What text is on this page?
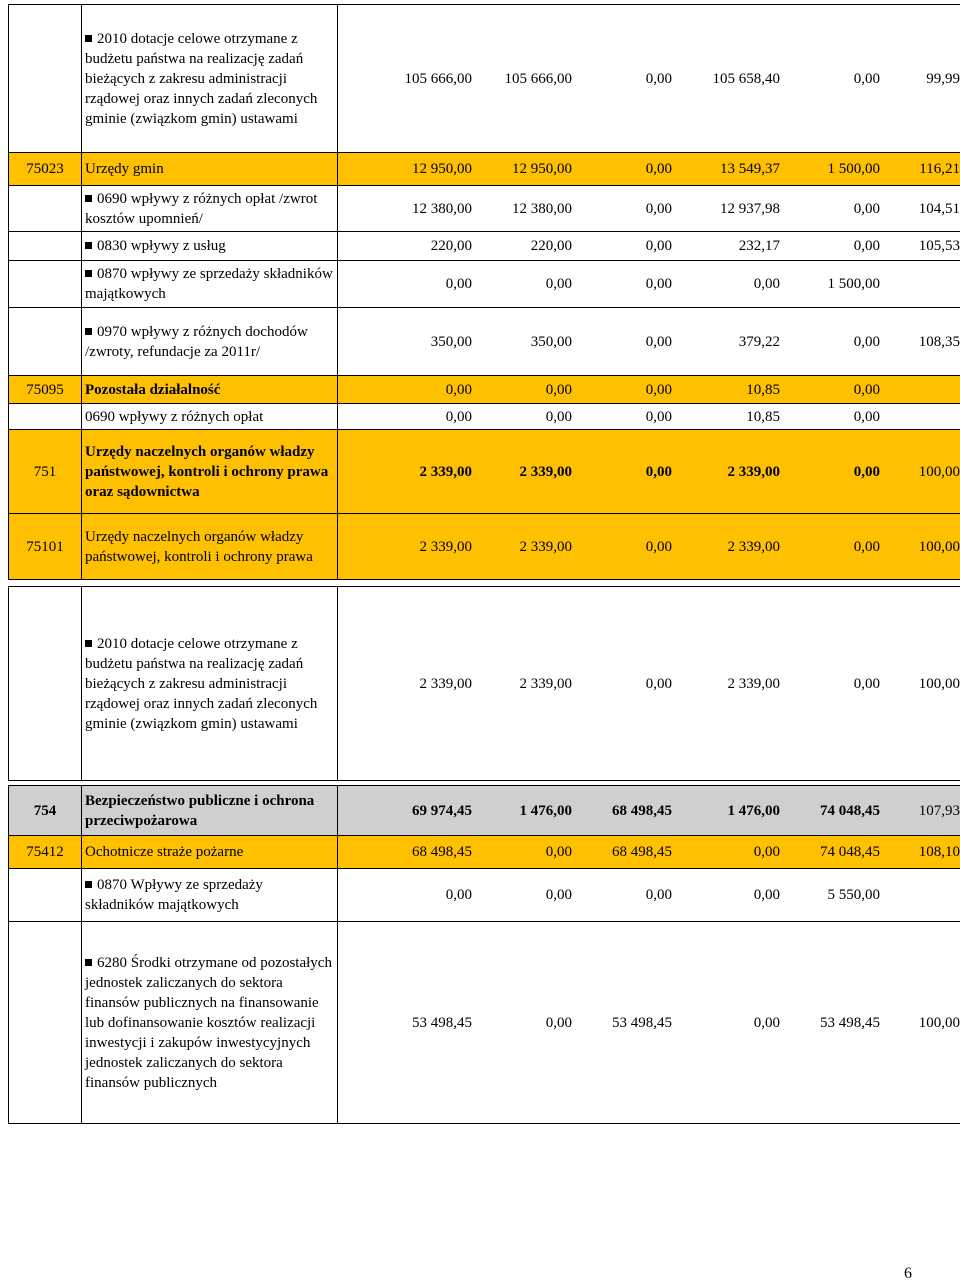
	2010 dotacje celowe otrzymane z budżetu państwa na realizację zadań bieżących z zakresu administracji rządowej oraz innych zadań zleconych gminie (związkom gmin) ustawami	105 666,00 105 666,00 0,00 105 658,40 0,00 99,99
75023	Urzędy gmin	12 950,00 12 950,00 0,00 13 549,37 1 500,00 116,21
	0690 wpływy z różnych opłat /zwrot kosztów upomnień/	12 380,00 12 380,00 0,00 12 937,98 0,00 104,51
	0830 wpływy z usług	220,00 220,00 0,00 232,17 0,00 105,53
	0870 wpływy ze sprzedaży składników majątkowych	0,00 0,00 0,00 0,00 1 500,00
	0970 wpływy z różnych dochodów /zwroty, refundacje za 2011r/	350,00 350,00 0,00 379,22 0,00 108,35
75095	Pozostała działalność	0,00 0,00 0,00 10,85 0,00
	0690 wpływy z różnych opłat	0,00 0,00 0,00 10,85 0,00
751	Urzędy naczelnych organów władzy państwowej, kontroli i ochrony prawa oraz sądownictwa	2 339,00 2 339,00 0,00 2 339,00 0,00 100,00
75101	Urzędy naczelnych organów władzy państwowej, kontroli i ochrony prawa	2 339,00 2 339,00 0,00 2 339,00 0,00 100,00
	2010 dotacje celowe otrzymane z budżetu państwa na realizację zadań bieżących z zakresu administracji rządowej oraz innych zadań zleconych gminie (związkom gmin) ustawami	2 339,00	2 339,00	0,00	2 339,00	0,00	100,00
754	Bezpieczeństwo publiczne i ochrona przeciwpożarowa	69 974,45 1 476,00 68 498,45 1 476,00 74 048,45 107,93
75412	Ochotnicze straże pożarne	68 498,45 0,00 68 498,45 0,00 74 048,45 108,10
	0870 Wpływy ze sprzedaży składników majątkowych	0,00 0,00 0,00 0,00 5 550,00
	6280 Środki otrzymane od pozostałych jednostek zaliczanych do sektora finansów publicznych na finansowanie lub dofinansowanie kosztów realizacji inwestycji i zakupów inwestycyjnych jednostek zaliczanych do sektora finansów publicznych	53 498,45 0,00 53 498,45 0,00 53 498,45 100,00
6
